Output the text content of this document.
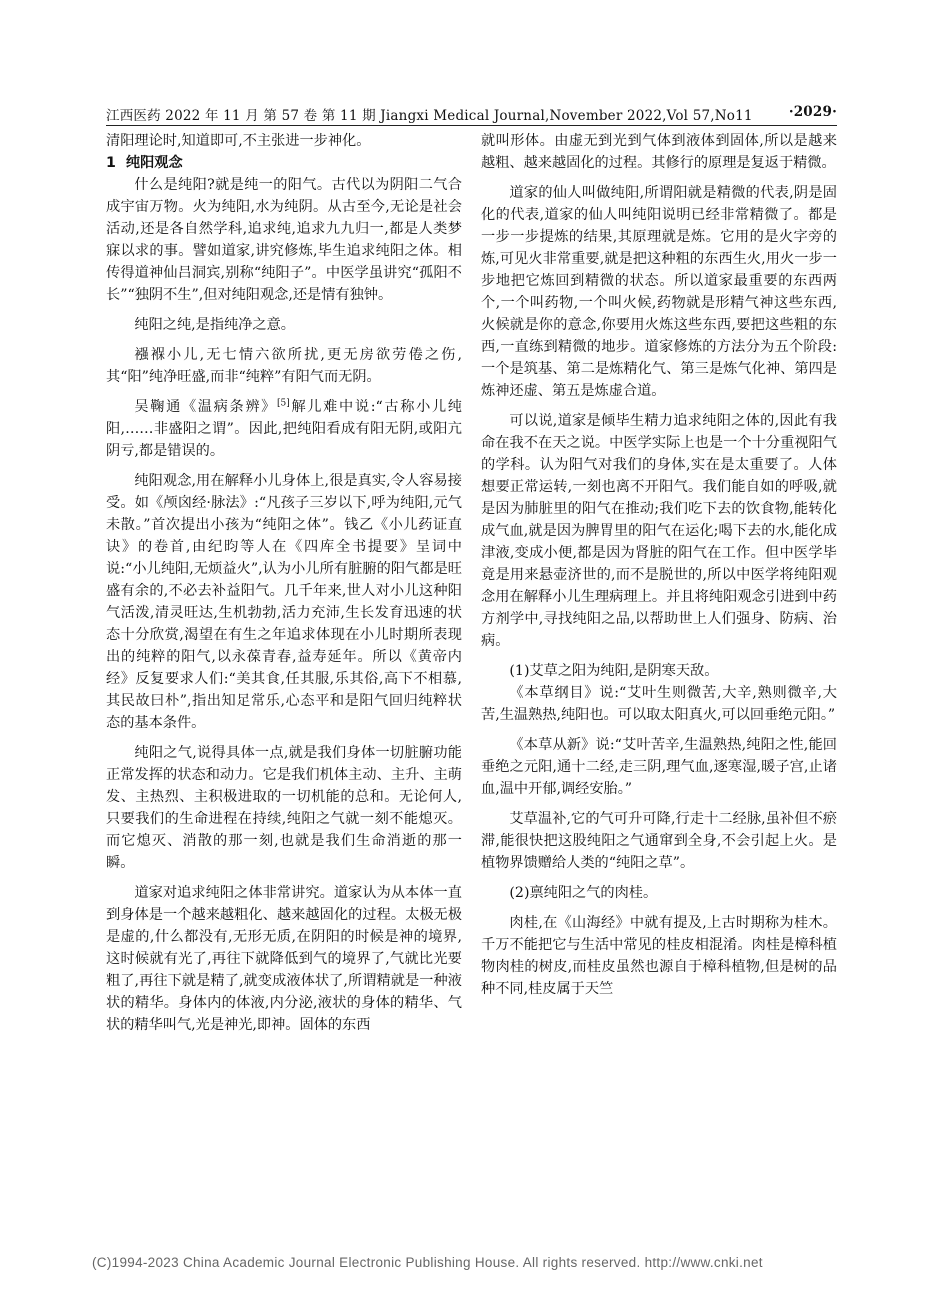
江西医药 2022 年 11 月 第 57 卷 第 11 期 Jiangxi Medical Journal,November 2022,Vol 57,No11	·2029·

清阳理论时,知道即可,不主张进一步神化。

1 纯阳观念

什么是纯阳?就是纯一的阳气。古代以为阴阳二气合成宇宙万物。火为纯阳,水为纯阴。从古至今,无论是社会活动,还是各自然学科,追求纯,追求九九归一,都是人类梦寐以求的事。譬如道家,讲究修炼,毕生追求纯阳之体。相传得道神仙吕洞宾,别称“纯阳子”。中医学虽讲究“孤阳不长”“独阴不生”,但对纯阳观念,还是情有独钟。

纯阳之纯,是指纯净之意。

襁褓小儿,无七情六欲所扰,更无房欲劳倦之伤,其“阳”纯净旺盛,而非“纯粹”有阳气而无阴。

吴鞠通《温病条辨》[5]解儿难中说:“古称小儿纯阳,……非盛阳之谓”。因此,把纯阳看成有阳无阴,或阳亢阴亏,都是错误的。

纯阳观念,用在解释小儿身体上,很是真实,令人容易接受。如《颅囟经·脉法》:“凡孩子三岁以下,呼为纯阳,元气未散。”首次提出小孩为“纯阳之体”。钱乙《小儿药证直诀》的卷首,由纪昀等人在《四库全书提要》呈词中说:“小儿纯阳,无烦益火”,认为小儿所有脏腑的阳气都是旺盛有余的,不必去补益阳气。几千年来,世人对小儿这种阳气活泼,清灵旺达,生机勃勃,活力充沛,生长发育迅速的状态十分欣赏,渴望在有生之年追求体现在小儿时期所表现出的纯粹的阳气,以永葆青春,益寿延年。所以《黄帝内经》反复要求人们:“美其食,任其服,乐其俗,高下不相慕,其民故曰朴”,指出知足常乐,心态平和是阳气回归纯粹状态的基本条件。

纯阳之气,说得具体一点,就是我们身体一切脏腑功能正常发挥的状态和动力。它是我们机体主动、主升、主萌发、主热烈、主积极进取的一切机能的总和。无论何人,只要我们的生命进程在持续,纯阳之气就一刻不能熄灭。而它熄灭、消散的那一刻,也就是我们生命消逝的那一瞬。

道家对追求纯阳之体非常讲究。道家认为从本体一直到身体是一个越来越粗化、越来越固化的过程。太极无极是虚的,什么都没有,无形无质,在阴阳的时候是神的境界,这时候就有光了,再往下就降低到气的境界了,气就比光要粗了,再往下就是精了,就变成液体状了,所谓精就是一种液状的精华。身体内的体液,内分泌,液状的身体的精华、气状的精华叫气,光是神光,即神。固体的东西

就叫形体。由虚无到光到气体到液体到固体,所以是越来越粗、越来越固化的过程。其修行的原理是复返于精微。

道家的仙人叫做纯阳,所谓阳就是精微的代表,阴是固化的代表,道家的仙人叫纯阳说明已经非常精微了。都是一步一步提炼的结果,其原理就是炼。它用的是火字旁的炼,可见火非常重要,就是把这种粗的东西生火,用火一步一步地把它炼回到精微的状态。所以道家最重要的东西两个,一个叫药物,一个叫火候,药物就是形精气神这些东西,火候就是你的意念,你要用火炼这些东西,要把这些粗的东西,一直练到精微的地步。道家修炼的方法分为五个阶段:一个是筑基、第二是炼精化气、第三是炼气化神、第四是炼神还虚、第五是炼虚合道。

可以说,道家是倾毕生精力追求纯阳之体的,因此有我命在我不在天之说。中医学实际上也是一个十分重视阳气的学科。认为阳气对我们的身体,实在是太重要了。人体想要正常运转,一刻也离不开阳气。我们能自如的呼吸,就是因为肺脏里的阳气在推动;我们吃下去的饮食物,能转化成气血,就是因为脾胃里的阳气在运化;喝下去的水,能化成津液,变成小便,都是因为肾脏的阳气在工作。但中医学毕竟是用来悬壶济世的,而不是脱世的,所以中医学将纯阳观念用在解释小儿生理病理上。并且将纯阳观念引进到中药方剂学中,寻找纯阳之品,以帮助世上人们强身、防病、治病。

(1)艾草之阳为纯阳,是阴寒天敌。

《本草纲目》说:“艾叶生则微苦,大辛,熟则微辛,大苦,生温熟热,纯阳也。可以取太阳真火,可以回垂绝元阳。”

《本草从新》说:“艾叶苦辛,生温熟热,纯阳之性,能回垂绝之元阳,通十二经,走三阴,理气血,逐寒湿,暖子宫,止诸血,温中开郁,调经安胎。”

艾草温补,它的气可升可降,行走十二经脉,虽补但不瘀滞,能很快把这股纯阳之气通窜到全身,不会引起上火。是植物界馈赠给人类的“纯阳之草”。

(2)禀纯阳之气的肉桂。

肉桂,在《山海经》中就有提及,上古时期称为桂木。千万不能把它与生活中常见的桂皮相混淆。肉桂是樟科植物肉桂的树皮,而桂皮虽然也源自于樟科植物,但是树的品种不同,桂皮属于天竺

(C)1994-2023 China Academic Journal Electronic Publishing House. All rights reserved. http://www.cnki.net
